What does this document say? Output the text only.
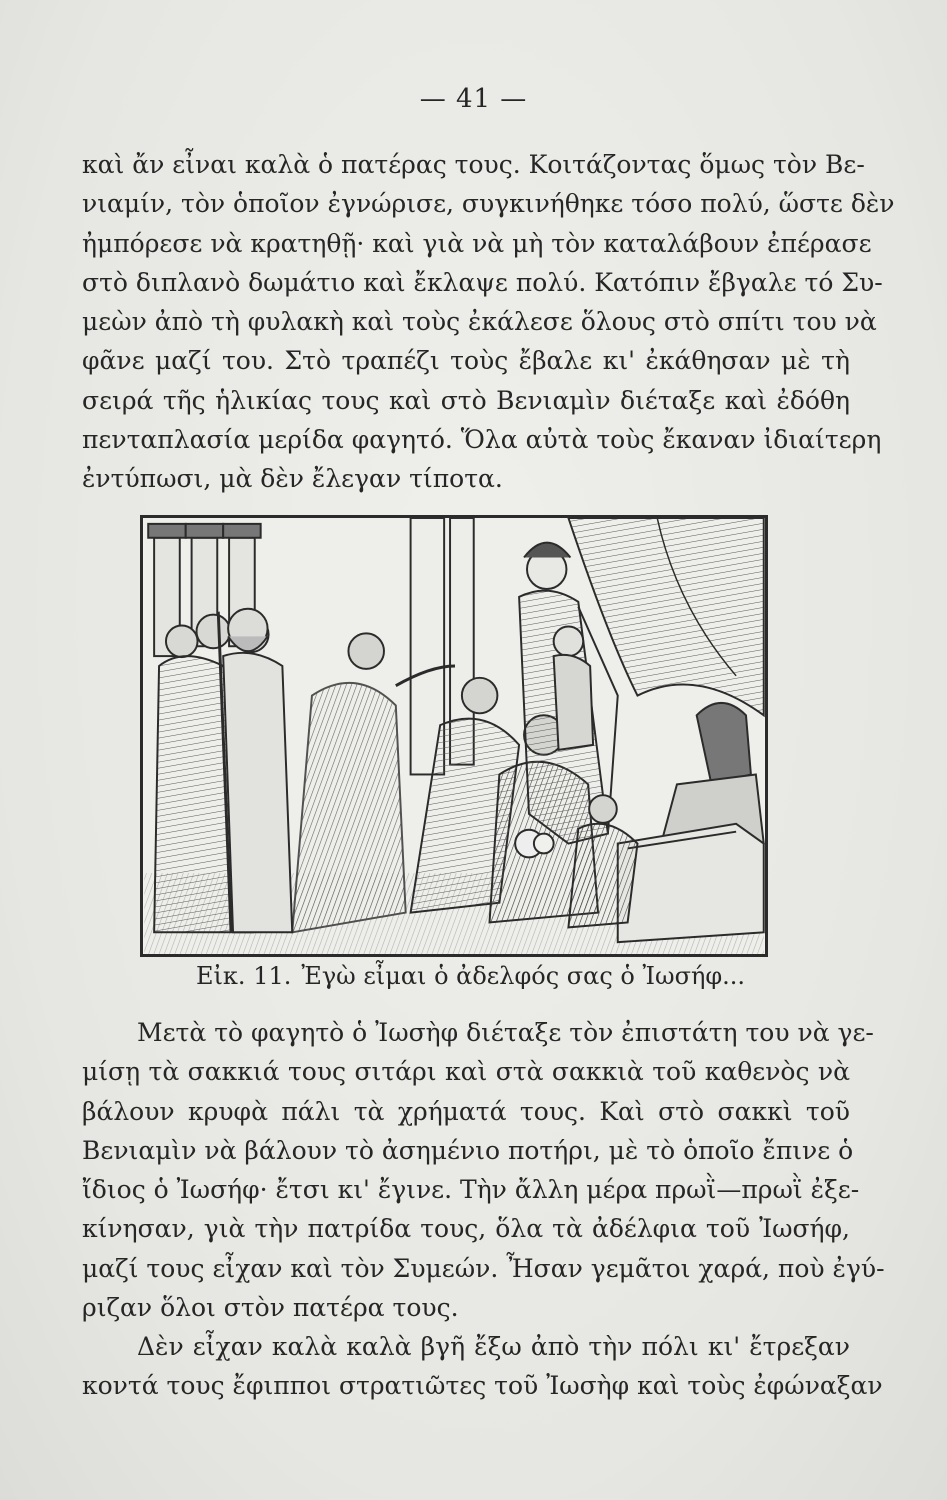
— 41 —
καὶ ἄν εἶναι καλὰ ὁ πατέρας τους. Κοιτάζοντας ὅμως τὸν Βε-
νιαμίν, τὸν ὁποῖον ἐγνώρισε, συγκινήθηκε τόσο πολύ, ὥστε δὲν
ἠμπόρεσε νὰ κρατηθῇ· καὶ γιὰ νὰ μὴ τὸν καταλάβουν ἐπέρασε
στὸ διπλανὸ δωμάτιο καὶ ἔκλαψε πολύ. Κατόπιν ἔβγαλε τό Συ-
μεὼν ἀπὸ τὴ φυλακὴ καὶ τοὺς ἐκάλεσε ὅλους στὸ σπίτι του νὰ
φᾶνε μαζί του. Στὸ τραπέζι τοὺς ἔβαλε κι' ἐκάθησαν μὲ τὴ
σειρά τῆς ἡλικίας τους καὶ στὸ Βενιαμὶν διέταξε καὶ ἐδόθη
πενταπλασία μερίδα φαγητό. Ὅλα αὐτὰ τοὺς ἔκαναν ἰδιαίτερη
ἐντύπωσι, μὰ δὲν ἔλεγαν τίποτα.
Εἰκ. 11. Ἐγὼ εἶμαι ὁ ἀδελφός σας ὁ Ἰωσήφ...
Μετὰ τὸ φαγητὸ ὁ Ἰωσὴφ διέταξε τὸν ἐπιστάτη του νὰ γε-
μίσῃ τὰ σακκιά τους σιτάρι καὶ στὰ σακκιὰ τοῦ καθενὸς νὰ
βάλουν κρυφὰ πάλι τὰ χρήματά τους. Καὶ στὸ σακκὶ τοῦ
Βενιαμὶν νὰ βάλουν τὸ ἀσημένιο ποτήρι, μὲ τὸ ὁποῖο ἔπινε ὁ
ἴδιος ὁ Ἰωσήφ· ἔτσι κι' ἔγινε. Τὴν ἄλλη μέρα πρωῒ—πρωῒ ἐξε-
κίνησαν, γιὰ τὴν πατρίδα τους, ὅλα τὰ ἀδέλφια τοῦ Ἰωσήφ,
μαζί τους εἶχαν καὶ τὸν Συμεών. Ἦσαν γεμᾶτοι χαρά, ποὺ ἐγύ-
ριζαν ὅλοι στὸν πατέρα τους.
Δὲν εἶχαν καλὰ καλὰ βγῆ ἔξω ἀπὸ τὴν πόλι κι' ἔτρεξαν
κοντά τους ἔφιπποι στρατιῶτες τοῦ Ἰωσὴφ καὶ τοὺς ἐφώναξαν
